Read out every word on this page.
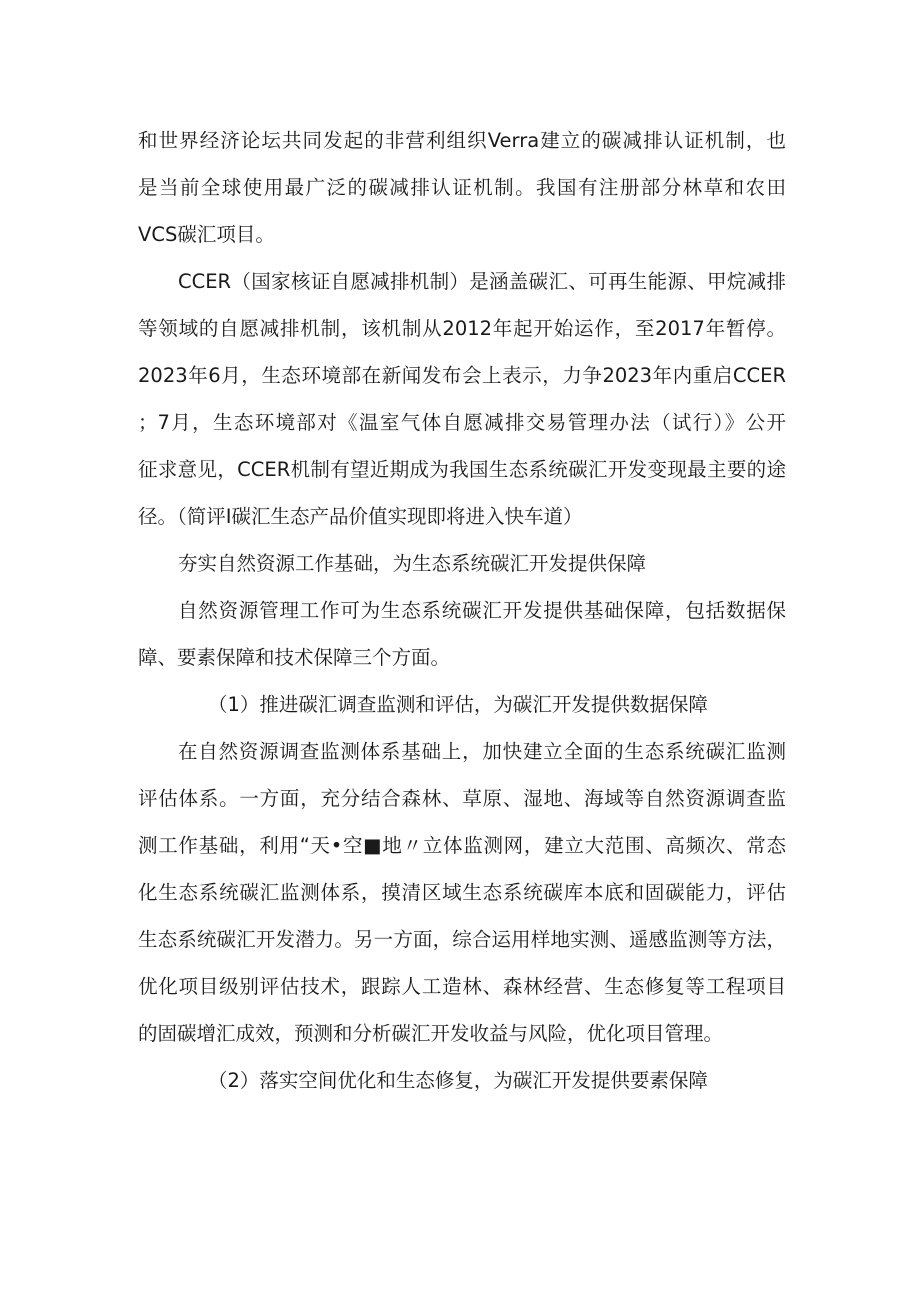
和世界经济论坛共同发起的非营利组织Verra建立的碳减排认证机制，也
是当前全球使用最广泛的碳减排认证机制。我国有注册部分林草和农田
VCS碳汇项目。
CCER（国家核证自愿减排机制）是涵盖碳汇、可再生能源、甲烷减排
等领域的自愿减排机制，该机制从2012年起开始运作，至2017年暂停。
2023年6月，生态环境部在新闻发布会上表示，力争2023年内重启CCER
；7月，生态环境部对《温室气体自愿减排交易管理办法（试行）》公开
征求意见，CCER机制有望近期成为我国生态系统碳汇开发变现最主要的途
径。（简评I碳汇生态产品价值实现即将进入快车道）
夯实自然资源工作基础，为生态系统碳汇开发提供保障
自然资源管理工作可为生态系统碳汇开发提供基础保障，包括数据保
障、要素保障和技术保障三个方面。
（1）推进碳汇调查监测和评估，为碳汇开发提供数据保障
在自然资源调查监测体系基础上，加快建立全面的生态系统碳汇监测
评估体系。一方面，充分结合森林、草原、湿地、海域等自然资源调查监
测工作基础，利用“天•空■地〃立体监测网，建立大范围、高频次、常态
化生态系统碳汇监测体系，摸清区域生态系统碳库本底和固碳能力，评估
生态系统碳汇开发潜力。另一方面，综合运用样地实测、遥感监测等方法，
优化项目级别评估技术，跟踪人工造林、森林经营、生态修复等工程项目
的固碳增汇成效，预测和分析碳汇开发收益与风险，优化项目管理。
（2）落实空间优化和生态修复，为碳汇开发提供要素保障
